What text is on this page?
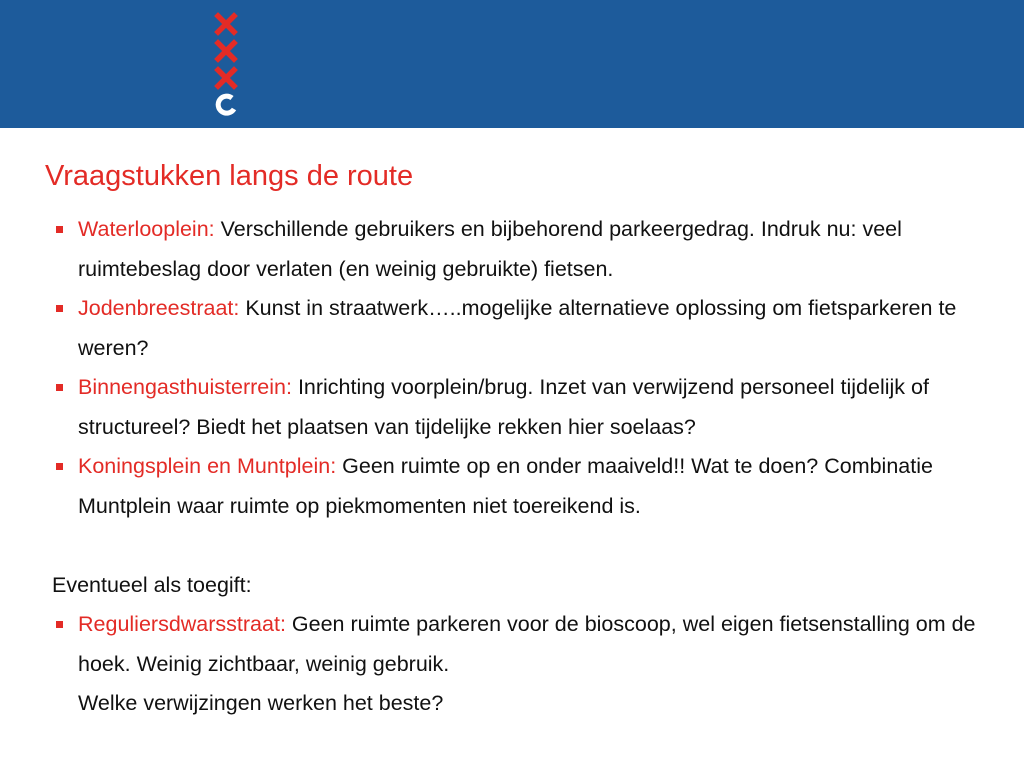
Vraagstukken langs de route
Waterlooplein: Verschillende gebruikers en bijbehorend parkeergedrag. Indruk nu: veel ruimtebeslag door verlaten (en weinig gebruikte) fietsen.
Jodenbreestraat: Kunst in straatwerk…..mogelijke alternatieve oplossing om fietsparkeren te weren?
Binnengasthuisterrein: Inrichting voorplein/brug. Inzet van verwijzend personeel tijdelijk of structureel? Biedt het plaatsen van tijdelijke rekken hier soelaas?
Koningsplein en Muntplein: Geen ruimte op en onder maaiveld!! Wat te doen? Combinatie Muntplein waar ruimte op piekmomenten niet toereikend is.
Eventueel als toegift:
Reguliersdwarsstraat: Geen ruimte parkeren voor de bioscoop, wel eigen fietsenstalling om de hoek. Weinig zichtbaar, weinig gebruik.
Welke verwijzingen werken het beste?
